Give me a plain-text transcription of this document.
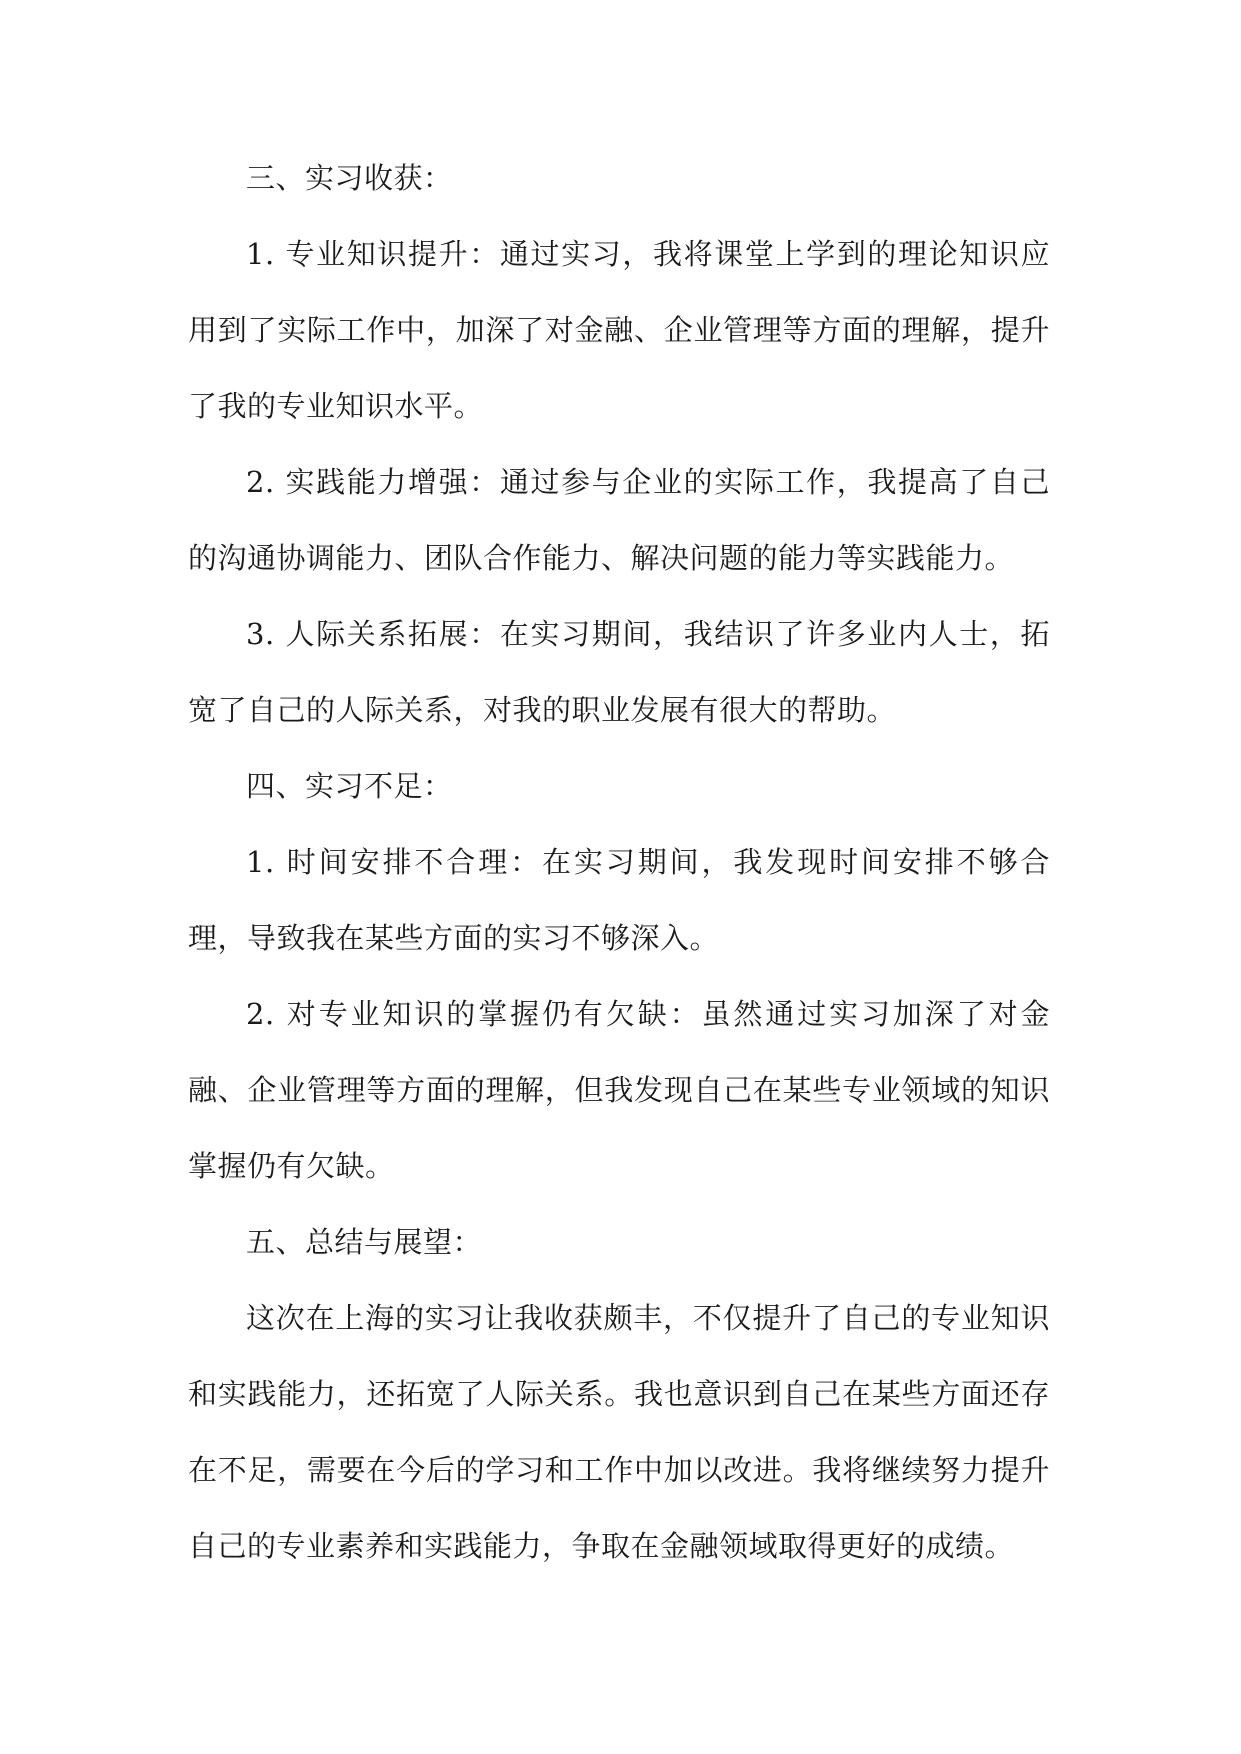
三、实习收获：

1. 专业知识提升：通过实习，我将课堂上学到的理论知识应用到了实际工作中，加深了对金融、企业管理等方面的理解，提升了我的专业知识水平。

2. 实践能力增强：通过参与企业的实际工作，我提高了自己的沟通协调能力、团队合作能力、解决问题的能力等实践能力。

3. 人际关系拓展：在实习期间，我结识了许多业内人士，拓宽了自己的人际关系，对我的职业发展有很大的帮助。

四、实习不足：

1. 时间安排不合理：在实习期间，我发现时间安排不够合理，导致我在某些方面的实习不够深入。

2. 对专业知识的掌握仍有欠缺：虽然通过实习加深了对金融、企业管理等方面的理解，但我发现自己在某些专业领域的知识掌握仍有欠缺。

五、总结与展望：

这次在上海的实习让我收获颇丰，不仅提升了自己的专业知识和实践能力，还拓宽了人际关系。我也意识到自己在某些方面还存在不足，需要在今后的学习和工作中加以改进。我将继续努力提升自己的专业素养和实践能力，争取在金融领域取得更好的成绩。
